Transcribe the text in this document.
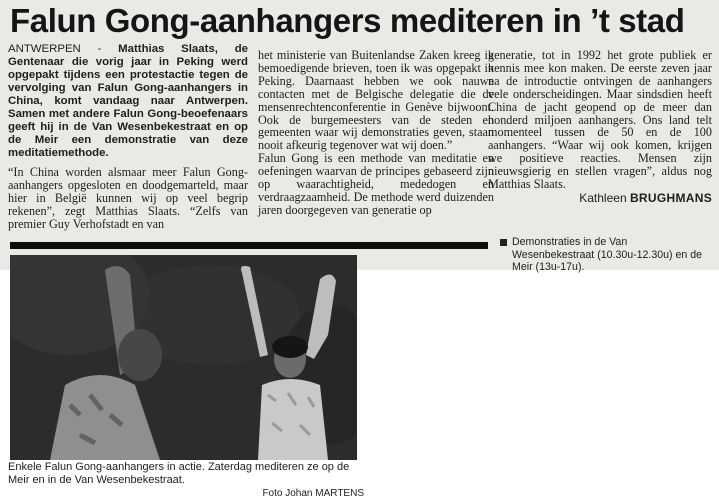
Falun Gong-aanhangers mediteren in ’t stad

ANTWERPEN - Matthias Slaats, de Gentenaar die vorig jaar in Peking werd opgepakt tijdens een protestactie tegen de vervolging van Falun Gong-aanhangers in China, komt vandaag naar Antwerpen. Samen met andere Falun Gong-beoefenaars geeft hij in de Van Wesenbekestraat en op de Meir een demonstratie van deze meditatiemethode.

“In China worden alsmaar meer Falun Gong-aanhangers opgesloten en doodgemarteld, maar hier in België kunnen wij op veel begrip rekenen”, zegt Matthias Slaats. “Zelfs van premier Guy Verhofstadt en van

het ministerie van Buitenlandse Zaken kreeg ik bemoedigende brieven, toen ik was opgepakt in Peking. Daarnaast hebben we ook nauwe contacten met de Belgische delegatie die de mensenrechtenconferentie in Genève bijwoont. Ook de burgemeesters van de steden en gemeenten waar wij demonstraties geven, staan nooit afkeurig tegenover wat wij doen.”

Falun Gong is een methode van meditatie en oefeningen waarvan de principes gebaseerd zijn op waarachtigheid, mededogen en verdraagzaamheid. De methode werd duizenden jaren doorgegeven van generatie op

generatie, tot in 1992 het grote publiek er kennis mee kon maken. De eerste zeven jaar na de introductie ontvingen de aanhangers vele onderscheidingen. Maar sindsdien heeft China de jacht geopend op de meer dan honderd miljoen aanhangers. Ons land telt momenteel tussen de 50 en de 100 aanhangers. “Waar wij ook komen, krijgen we positieve reacties. Mensen zijn nieuwsgierig en stellen vragen”, aldus nog Matthias Slaats.

Kathleen BRUGHMANS
Demonstraties in de Van Wesenbekestraat (10.30u-12.30u) en de Meir (13u-17u).
Enkele Falun Gong-aanhangers in actie. Zaterdag mediteren ze op de Meir en in de Van Wesenbekestraat.
Foto Johan MARTENS
